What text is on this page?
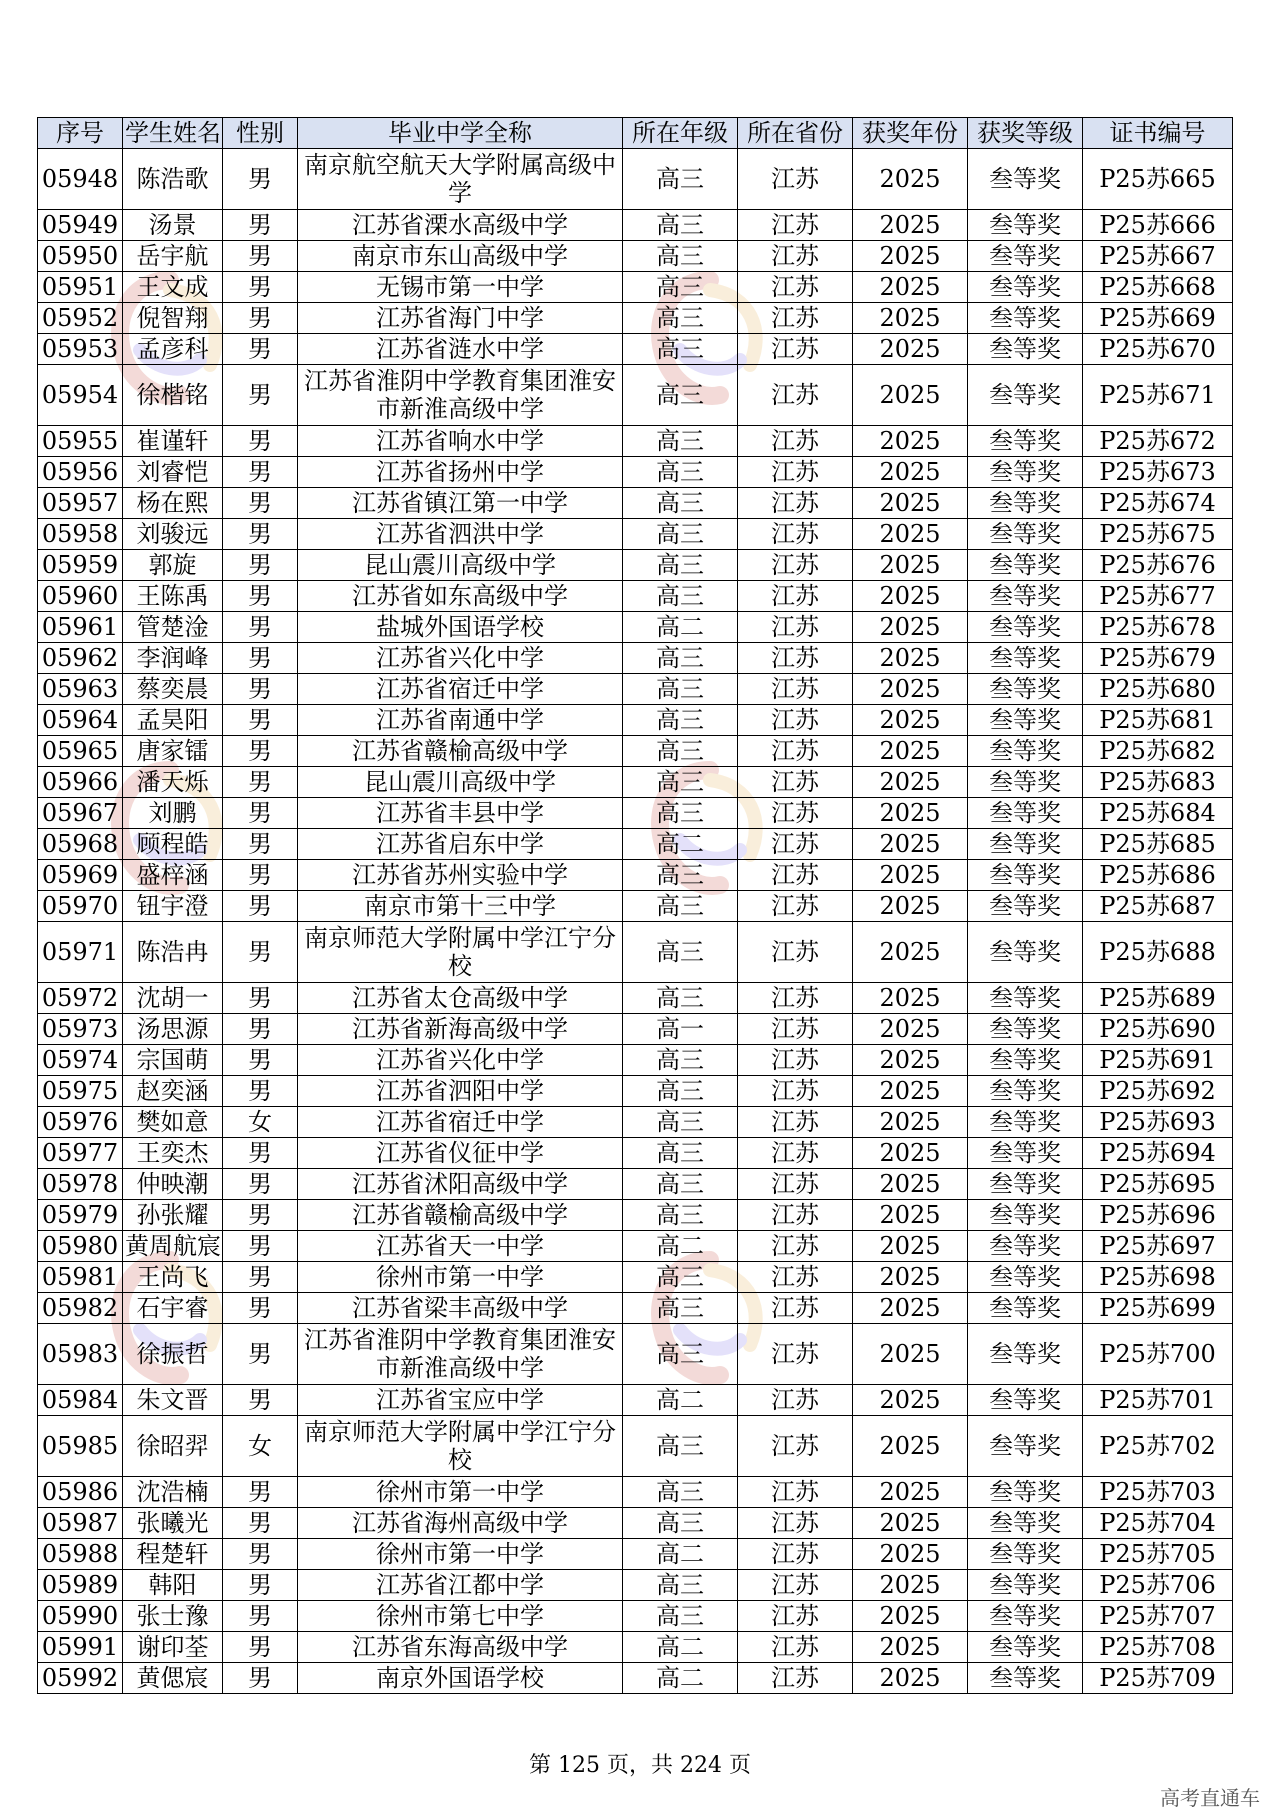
序号	学生姓名	性别	毕业中学全称	所在年级	所在省份	获奖年份	获奖等级	证书编号
05948	陈浩歌	男	南京航空航天大学附属高级中学	高三	江苏	2025	叁等奖	P25苏665
05949	汤景	男	江苏省溧水高级中学	高三	江苏	2025	叁等奖	P25苏666
05950	岳宇航	男	南京市东山高级中学	高三	江苏	2025	叁等奖	P25苏667
05951	王文成	男	无锡市第一中学	高三	江苏	2025	叁等奖	P25苏668
05952	倪智翔	男	江苏省海门中学	高三	江苏	2025	叁等奖	P25苏669
05953	孟彦科	男	江苏省涟水中学	高三	江苏	2025	叁等奖	P25苏670
05954	徐楷铭	男	江苏省淮阴中学教育集团淮安市新淮高级中学	高三	江苏	2025	叁等奖	P25苏671
05955	崔谨轩	男	江苏省响水中学	高三	江苏	2025	叁等奖	P25苏672
05956	刘睿恺	男	江苏省扬州中学	高三	江苏	2025	叁等奖	P25苏673
05957	杨在熙	男	江苏省镇江第一中学	高三	江苏	2025	叁等奖	P25苏674
05958	刘骏远	男	江苏省泗洪中学	高三	江苏	2025	叁等奖	P25苏675
05959	郭旋	男	昆山震川高级中学	高三	江苏	2025	叁等奖	P25苏676
05960	王陈禹	男	江苏省如东高级中学	高三	江苏	2025	叁等奖	P25苏677
05961	管楚淦	男	盐城外国语学校	高二	江苏	2025	叁等奖	P25苏678
05962	李润峰	男	江苏省兴化中学	高三	江苏	2025	叁等奖	P25苏679
05963	蔡奕晨	男	江苏省宿迁中学	高三	江苏	2025	叁等奖	P25苏680
05964	孟昊阳	男	江苏省南通中学	高三	江苏	2025	叁等奖	P25苏681
05965	唐家镭	男	江苏省赣榆高级中学	高三	江苏	2025	叁等奖	P25苏682
05966	潘天烁	男	昆山震川高级中学	高三	江苏	2025	叁等奖	P25苏683
05967	刘鹏	男	江苏省丰县中学	高三	江苏	2025	叁等奖	P25苏684
05968	顾程皓	男	江苏省启东中学	高二	江苏	2025	叁等奖	P25苏685
05969	盛梓涵	男	江苏省苏州实验中学	高三	江苏	2025	叁等奖	P25苏686
05970	钮宇澄	男	南京市第十三中学	高三	江苏	2025	叁等奖	P25苏687
05971	陈浩冉	男	南京师范大学附属中学江宁分校	高三	江苏	2025	叁等奖	P25苏688
05972	沈胡一	男	江苏省太仓高级中学	高三	江苏	2025	叁等奖	P25苏689
05973	汤思源	男	江苏省新海高级中学	高一	江苏	2025	叁等奖	P25苏690
05974	宗国萌	男	江苏省兴化中学	高三	江苏	2025	叁等奖	P25苏691
05975	赵奕涵	男	江苏省泗阳中学	高三	江苏	2025	叁等奖	P25苏692
05976	樊如意	女	江苏省宿迁中学	高三	江苏	2025	叁等奖	P25苏693
05977	王奕杰	男	江苏省仪征中学	高三	江苏	2025	叁等奖	P25苏694
05978	仲映潮	男	江苏省沭阳高级中学	高三	江苏	2025	叁等奖	P25苏695
05979	孙张耀	男	江苏省赣榆高级中学	高三	江苏	2025	叁等奖	P25苏696
05980	黄周航宸	男	江苏省天一中学	高二	江苏	2025	叁等奖	P25苏697
05981	王尚飞	男	徐州市第一中学	高三	江苏	2025	叁等奖	P25苏698
05982	石宇睿	男	江苏省梁丰高级中学	高三	江苏	2025	叁等奖	P25苏699
05983	徐振哲	男	江苏省淮阴中学教育集团淮安市新淮高级中学	高三	江苏	2025	叁等奖	P25苏700
05984	朱文晋	男	江苏省宝应中学	高二	江苏	2025	叁等奖	P25苏701
05985	徐昭羿	女	南京师范大学附属中学江宁分校	高三	江苏	2025	叁等奖	P25苏702
05986	沈浩楠	男	徐州市第一中学	高三	江苏	2025	叁等奖	P25苏703
05987	张曦光	男	江苏省海州高级中学	高三	江苏	2025	叁等奖	P25苏704
05988	程楚轩	男	徐州市第一中学	高二	江苏	2025	叁等奖	P25苏705
05989	韩阳	男	江苏省江都中学	高三	江苏	2025	叁等奖	P25苏706
05990	张士豫	男	徐州市第七中学	高三	江苏	2025	叁等奖	P25苏707
05991	谢印荃	男	江苏省东海高级中学	高二	江苏	2025	叁等奖	P25苏708
05992	黄偲宸	男	南京外国语学校	高二	江苏	2025	叁等奖	P25苏709
第 125 页，共 224 页
高考直通车
